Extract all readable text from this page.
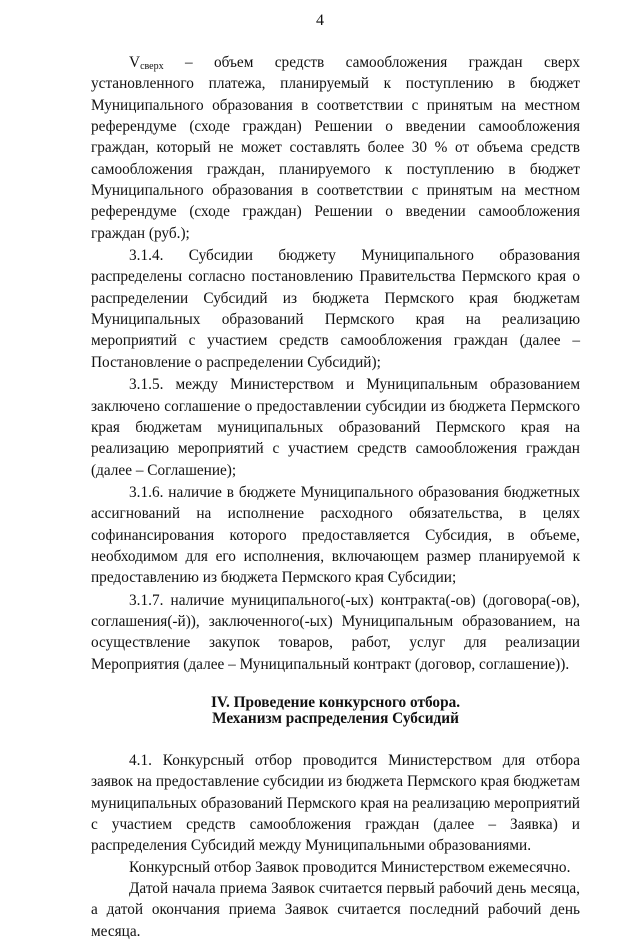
4

$V_{сверх}$ – объем средств самообложения граждан сверх установленного платежа, планируемый к поступлению в бюджет Муниципального образования в соответствии с принятым на местном референдуме (сходе граждан) Решении о введении самообложения граждан, который не может составлять более 30 % от объема средств самообложения граждан, планируемого к поступлению в бюджет Муниципального образования в соответствии с принятым на местном референдуме (сходе граждан) Решении о введении самообложения граждан (руб.);

3.1.4. Субсидии бюджету Муниципального образования распределены согласно постановлению Правительства Пермского края о распределении Субсидий из бюджета Пермского края бюджетам Муниципальных образований Пермского края на реализацию мероприятий с участием средств самообложения граждан (далее – Постановление о распределении Субсидий);

3.1.5. между Министерством и Муниципальным образованием заключено соглашение о предоставлении субсидии из бюджета Пермского края бюджетам муниципальных образований Пермского края на реализацию мероприятий с участием средств самообложения граждан (далее – Соглашение);

3.1.6. наличие в бюджете Муниципального образования бюджетных ассигнований на исполнение расходного обязательства, в целях софинансирования которого предоставляется Субсидия, в объеме, необходимом для его исполнения, включающем размер планируемой к предоставлению из бюджета Пермского края Субсидии;

3.1.7. наличие муниципального(-ых) контракта(-ов) (договора(-ов), соглашения(-й)), заключенного(-ых) Муниципальным образованием, на осуществление закупок товаров, работ, услуг для реализации Мероприятия (далее – Муниципальный контракт (договор, соглашение)).

IV. Проведение конкурсного отбора.
Механизм распределения Субсидий

4.1. Конкурсный отбор проводится Министерством для отбора заявок на предоставление субсидии из бюджета Пермского края бюджетам муниципальных образований Пермского края на реализацию мероприятий с участием средств самообложения граждан (далее – Заявка) и распределения Субсидий между Муниципальными образованиями.

Конкурсный отбор Заявок проводится Министерством ежемесячно.

Датой начала приема Заявок считается первый рабочий день месяца, а датой окончания приема Заявок считается последний рабочий день месяца.
